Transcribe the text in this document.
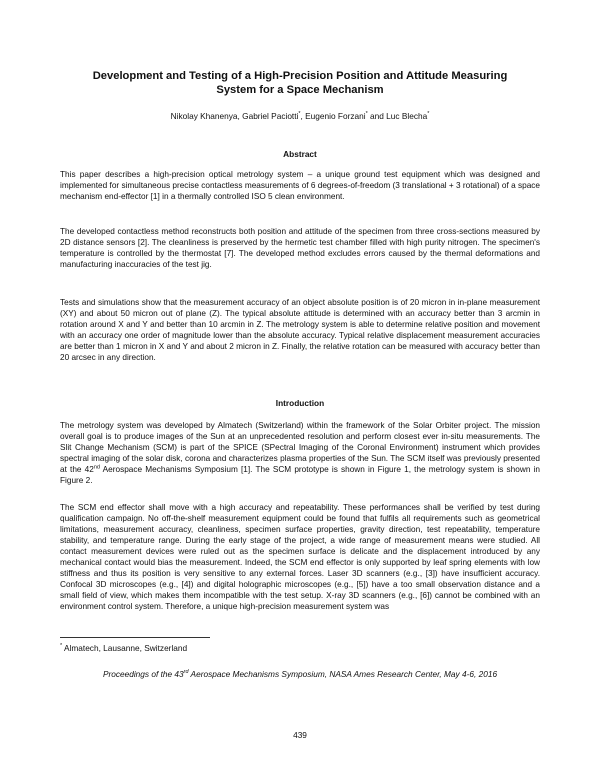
Development and Testing of a High-Precision Position and Attitude Measuring
System for a Space Mechanism
Nikolay Khanenya, Gabriel Paciotti*, Eugenio Forzani* and Luc Blecha*
Abstract

This paper describes a high-precision optical metrology system – a unique ground test equipment which was designed and implemented for simultaneous precise contactless measurements of 6 degrees-of-freedom (3 translational + 3 rotational) of a space mechanism end-effector [1] in a thermally controlled ISO 5 clean environment.

The developed contactless method reconstructs both position and attitude of the specimen from three cross-sections measured by 2D distance sensors [2]. The cleanliness is preserved by the hermetic test chamber filled with high purity nitrogen. The specimen's temperature is controlled by the thermostat [7]. The developed method excludes errors caused by the thermal deformations and manufacturing inaccuracies of the test jig.

Tests and simulations show that the measurement accuracy of an object absolute position is of 20 micron in in-plane measurement (XY) and about 50 micron out of plane (Z). The typical absolute attitude is determined with an accuracy better than 3 arcmin in rotation around X and Y and better than 10 arcmin in Z. The metrology system is able to determine relative position and movement with an accuracy one order of magnitude lower than the absolute accuracy. Typical relative displacement measurement accuracies are better than 1 micron in X and Y and about 2 micron in Z. Finally, the relative rotation can be measured with accuracy better than 20 arcsec in any direction.

Introduction

The metrology system was developed by Almatech (Switzerland) within the framework of the Solar Orbiter project. The mission overall goal is to produce images of the Sun at an unprecedented resolution and perform closest ever in-situ measurements. The Slit Change Mechanism (SCM) is part of the SPICE (SPectral Imaging of the Coronal Environment) instrument which provides spectral imaging of the solar disk, corona and characterizes plasma properties of the Sun. The SCM itself was previously presented at the 42nd Aerospace Mechanisms Symposium [1]. The SCM prototype is shown in Figure 1, the metrology system is shown in Figure 2.

The SCM end effector shall move with a high accuracy and repeatability. These performances shall be verified by test during qualification campaign. No off-the-shelf measurement equipment could be found that fulfils all requirements such as geometrical limitations, measurement accuracy, cleanliness, specimen surface properties, gravity direction, test repeatability, temperature stability, and temperature range. During the early stage of the project, a wide range of measurement means were studied. All contact measurement devices were ruled out as the specimen surface is delicate and the displacement introduced by any mechanical contact would bias the measurement. Indeed, the SCM end effector is only supported by leaf spring elements with low stiffness and thus its position is very sensitive to any external forces. Laser 3D scanners (e.g., [3]) have insufficient accuracy. Confocal 3D microscopes (e.g., [4]) and digital holographic microscopes (e.g., [5]) have a too small observation distance and a small field of view, which makes them incompatible with the test setup. X-ray 3D scanners (e.g., [6]) cannot be combined with an environment control system. Therefore, a unique high-precision measurement system was

* Almatech, Lausanne, Switzerland
Proceedings of the 43rd Aerospace Mechanisms Symposium, NASA Ames Research Center, May 4-6, 2016
439
